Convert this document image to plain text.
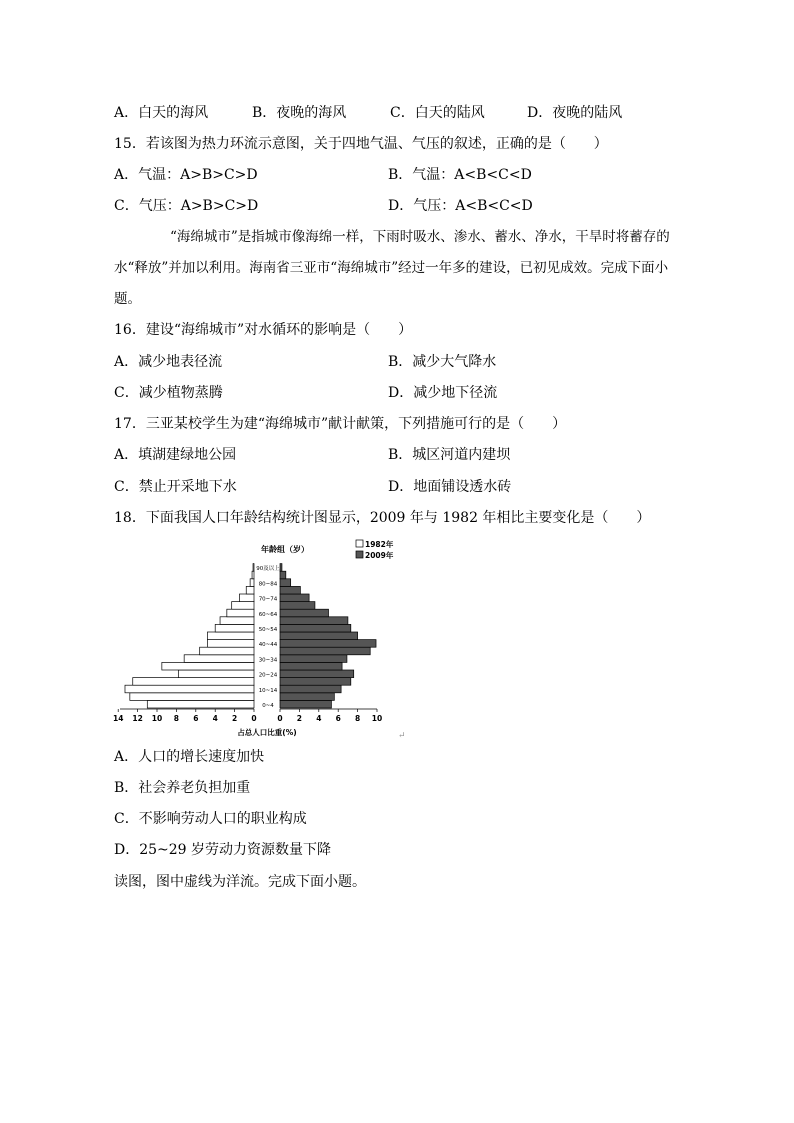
A．白天的海风	B．夜晚的海风	C．白天的陆风	D．夜晚的陆风
15．若该图为热力环流示意图，关于四地气温、气压的叙述，正确的是（　　）
A．气温：A>B>C>D	B．气温：A<B<C<D
C．气压：A>B>C>D	D．气压：A<B<C<D
“海绵城市”是指城市像海绵一样，下雨时吸水、渗水、蓄水、净水，干旱时将蓄存的水“释放”并加以利用。海南省三亚市“海绵城市”经过一年多的建设，已初见成效。完成下面小题。
16．建设“海绵城市”对水循环的影响是（　　）
A．减少地表径流	B．减少大气降水
C．减少植物蒸腾	D．减少地下径流
17．三亚某校学生为建“海绵城市”献计献策，下列措施可行的是（　　）
A．填湖建绿地公园	B．城区河道内建坝
C．禁止开采地下水	D．地面铺设透水砖
18．下面我国人口年龄结构统计图显示，2009 年与 1982 年相比主要变化是（　　）
年龄组（岁）
1982年
2009年
0~4
10~14
20~24
30~34
40~44
50~54
60~64
70~74
80~84
90及以上
14 12 10 8 6 4 2 0	0 2 4 6 8 10
占总人口比重(%)	↵
A．人口的增长速度加快
B．社会养老负担加重
C．不影响劳动人口的职业构成
D．25~29 岁劳动力资源数量下降
读图，图中虚线为洋流。完成下面小题。
